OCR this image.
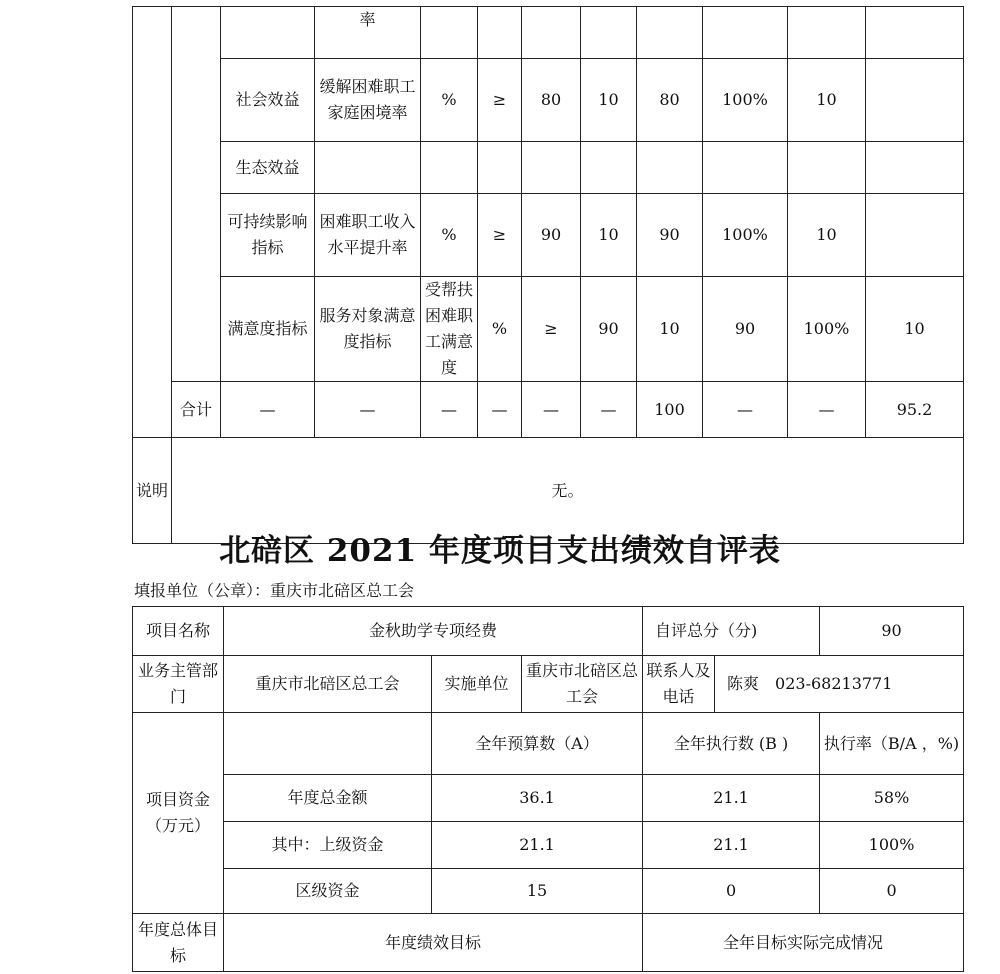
			率									
		社会效益	缓解困难职工家庭困境率	%	≥	80	10	80	100%	10		
		生态效益										
		可持续影响指标	困难职工收入水平提升率	%	≥	90	10	90	100%	10		
		满意度指标	服务对象满意度指标	受帮扶困难职工满意度	%	≥	90	10	90	100%	10	
	合计	—	—	—	—	—	—	100	—	—	95.2	
说明	无。											
北碚区 2021 年度项目支出绩效自评表
填报单位（公章）：重庆市北碚区总工会
项目名称	金秋助学专项经费			自评总分（分)		90
业务主管部门	重庆市北碚区总工会	实施单位	重庆市北碚区总工会	联系人及电话	陈爽　023-68213771	
项目资金（万元）		全年预算数（A）		全年执行数 (B )		执行率（B/A ，%)
	年度总金额	36.1		21.1		58%
	其中：上级资金	21.1		21.1		100%
	区级资金	15		0		0
年度总体目标	年度绩效目标			全年目标实际完成情况		
